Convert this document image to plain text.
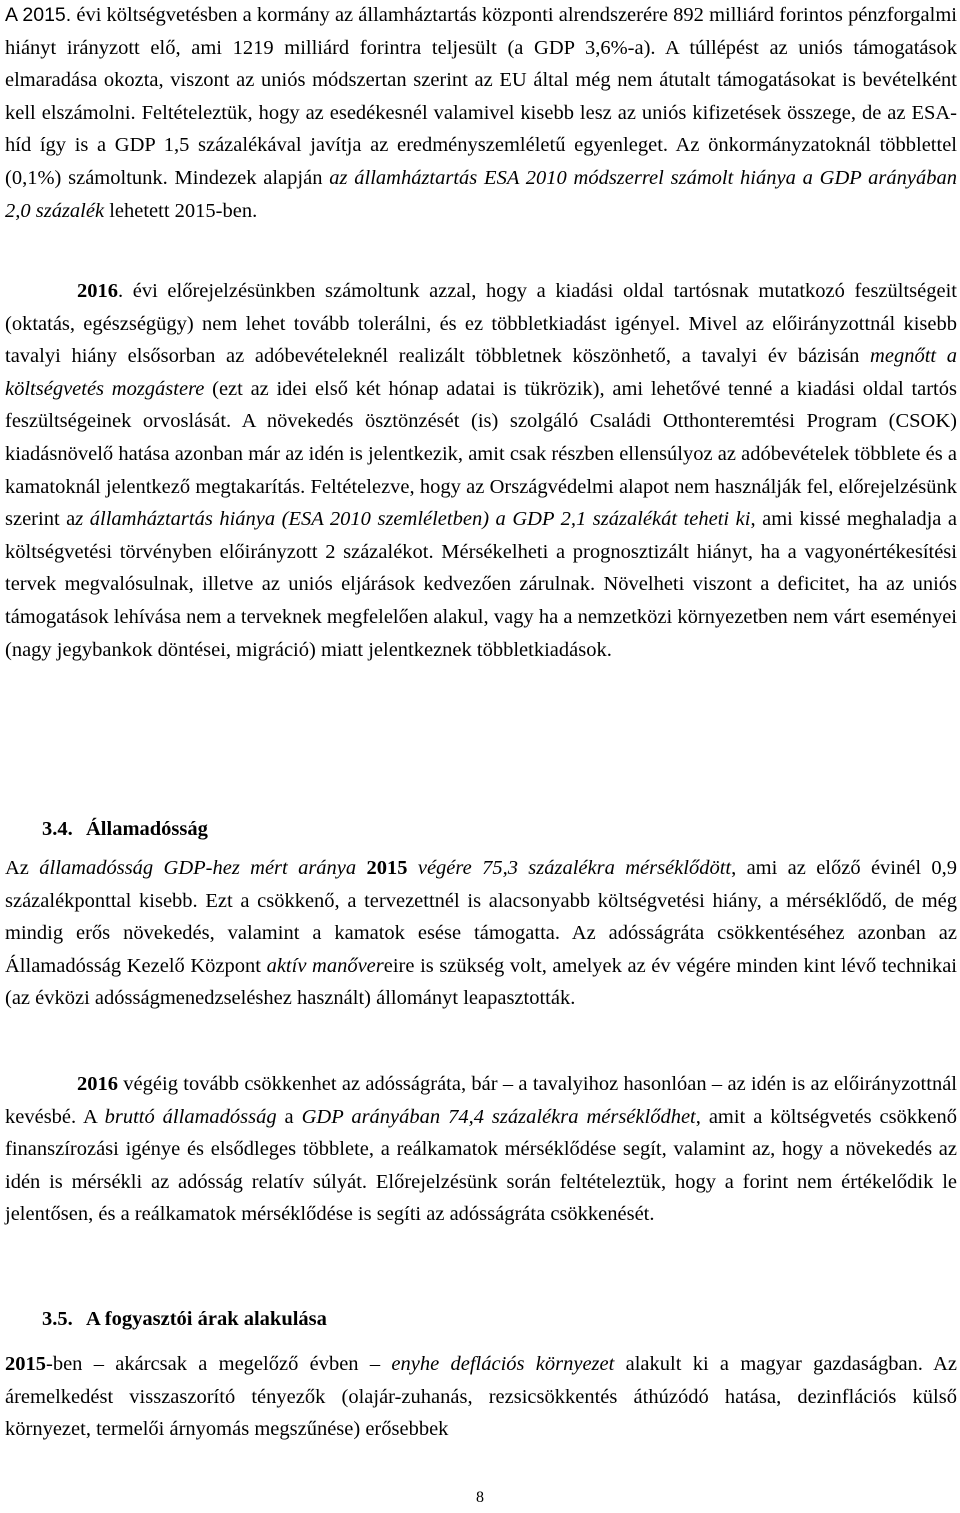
A 2015. évi költségvetésben a kormány az államháztartás központi alrendszerére 892 milliárd forintos pénzforgalmi hiányt irányzott elő, ami 1219 milliárd forintra teljesült (a GDP 3,6%-a). A túllépést az uniós támogatások elmaradása okozta, viszont az uniós módszertan szerint az EU által még nem átutalt támogatásokat is bevételként kell elszámolni. Feltételeztük, hogy az esedékesnél valamivel kisebb lesz az uniós kifizetések összege, de az ESA-híd így is a GDP 1,5 százalékával javítja az eredményszemléletű egyenleget. Az önkormányzatoknál többlettel (0,1%) számoltunk. Mindezek alapján az államháztartás ESA 2010 módszerrel számolt hiánya a GDP arányában 2,0 százalék lehetett 2015-ben.

2016. évi előrejelzésünkben számoltunk azzal, hogy a kiadási oldal tartósnak mutatkozó feszültségeit (oktatás, egészségügy) nem lehet tovább tolerálni, és ez többletkiadást igényel. Mivel az előirányzottnál kisebb tavalyi hiány elsősorban az adóbevételeknél realizált többletnek köszönhető, a tavalyi év bázisán megnőtt a költségvetés mozgástere (ezt az idei első két hónap adatai is tükrözik), ami lehetővé tenné a kiadási oldal tartós feszültségeinek orvoslását. A növekedés ösztönzését (is) szolgáló Családi Otthonteremtési Program (CSOK) kiadásnövelő hatása azonban már az idén is jelentkezik, amit csak részben ellensúlyoz az adóbevételek többlete és a kamatoknál jelentkező megtakarítás. Feltételezve, hogy az Országvédelmi alapot nem használják fel, előrejelzésünk szerint az államháztartás hiánya (ESA 2010 szemléletben) a GDP 2,1 százalékát teheti ki, ami kissé meghaladja a költségvetési törvényben előirányzott 2 százalékot. Mérsékelheti a prognosztizált hiányt, ha a vagyonértékesítési tervek megvalósulnak, illetve az uniós eljárások kedvezően zárulnak. Növelheti viszont a deficitet, ha az uniós támogatások lehívása nem a terveknek megfelelően alakul, vagy ha a nemzetközi környezetben nem várt eseményei (nagy jegybankok döntései, migráció) miatt jelentkeznek többletkiadások.

3.4. Államadósság

Az államadósság GDP-hez mért aránya 2015 végére 75,3 százalékra mérséklődött, ami az előző évinél 0,9 százalékponttal kisebb. Ezt a csökkenő, a tervezettnél is alacsonyabb költségvetési hiány, a mérséklődő, de még mindig erős növekedés, valamint a kamatok esése támogatta. Az adósságráta csökkentéséhez azonban az Államadósság Kezelő Központ aktív manővereire is szükség volt, amelyek az év végére minden kint lévő technikai (az évközi adósságmenedzseléshez használt) állományt leapasztották.

2016 végéig tovább csökkenhet az adósságráta, bár – a tavalyihoz hasonlóan – az idén is az előirányzottnál kevésbé. A bruttó államadósság a GDP arányában 74,4 százalékra mérséklődhet, amit a költségvetés csökkenő finanszírozási igénye és elsődleges többlete, a reálkamatok mérséklődése segít, valamint az, hogy a növekedés az idén is mérsékli az adósság relatív súlyát. Előrejelzésünk során feltételeztük, hogy a forint nem értékelődik le jelentősen, és a reálkamatok mérséklődése is segíti az adósságráta csökkenését.

3.5. A fogyasztói árak alakulása

2015-ben – akárcsak a megelőző évben – enyhe deflációs környezet alakult ki a magyar gazdaságban. Az áremelkedést visszaszorító tényezők (olajár-zuhanás, rezsicsökkentés áthúzódó hatása, dezinflációs külső környezet, termelői árnyomás megszűnése) erősebbek

8
